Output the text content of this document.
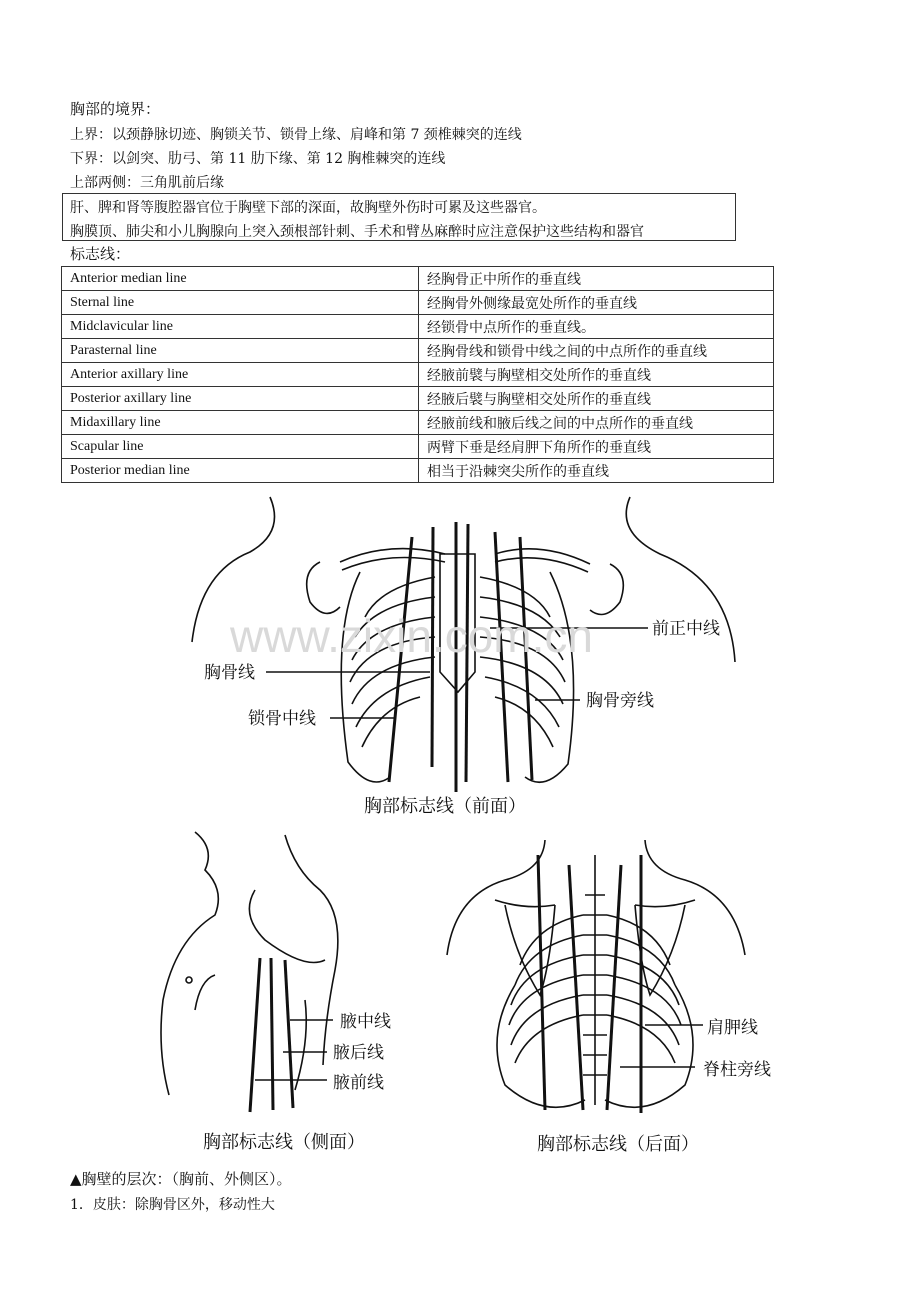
胸部的境界：
上界：以颈静脉切迹、胸锁关节、锁骨上缘、肩峰和第 7 颈椎棘突的连线
下界：以剑突、肋弓、第 11 肋下缘、第 12 胸椎棘突的连线
上部两侧：三角肌前后缘
肝、脾和肾等腹腔器官位于胸壁下部的深面，故胸壁外伤时可累及这些器官。
胸膜顶、肺尖和小儿胸腺向上突入颈根部针刺、手术和臂丛麻醉时应注意保护这些结构和器官
标志线：
Anterior median line	经胸骨正中所作的垂直线
Sternal line	经胸骨外侧缘最宽处所作的垂直线
Midclavicular line	经锁骨中点所作的垂直线。
Parasternal line	经胸骨线和锁骨中线之间的中点所作的垂直线
Anterior axillary line	经腋前襞与胸壁相交处所作的垂直线
Posterior axillary line	经腋后襞与胸壁相交处所作的垂直线
Midaxillary line	经腋前线和腋后线之间的中点所作的垂直线
Scapular line	两臂下垂是经肩胛下角所作的垂直线
Posterior median line	相当于沿棘突尖所作的垂直线
www.zixin.com.cn
胸骨线
锁骨中线
前正中线
胸骨旁线
胸部标志线（前面）
腋中线
腋后线
腋前线
胸部标志线（侧面）
肩胛线
脊柱旁线
胸部标志线（后面）
▲胸壁的层次：（胸前、外侧区）。
1．皮肤：除胸骨区外，移动性大
